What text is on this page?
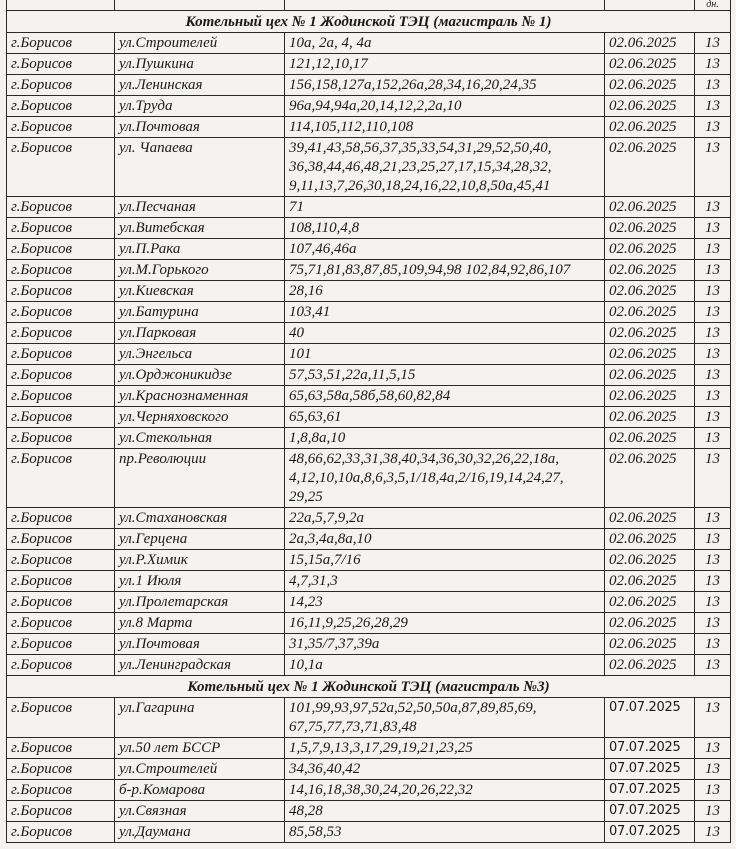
				дн.
Котельный цех № 1 Жодинской ТЭЦ (магистраль № 1)				
г.Борисов	ул.Строителей	10а, 2а, 4, 4а	02.06.2025	13
г.Борисов	ул.Пушкина	121,12,10,17	02.06.2025	13
г.Борисов	ул.Ленинская	156,158,127а,152,26а,28,34,16,20,24,35	02.06.2025	13
г.Борисов	ул.Труда	96а,94,94а,20,14,12,2,2а,10	02.06.2025	13
г.Борисов	ул.Почтовая	114,105,112,110,108	02.06.2025	13
г.Борисов	ул. Чапаева	39,41,43,58,56,37,35,33,54,31,29,52,50,40, 36,38,44,46,48,21,23,25,27,17,15,34,28,32, 9,11,13,7,26,30,18,24,16,22,10,8,50а,45,41	02.06.2025	13
г.Борисов	ул.Песчаная	71	02.06.2025	13
г.Борисов	ул.Витебская	108,110,4,8	02.06.2025	13
г.Борисов	ул.П.Рака	107,46,46а	02.06.2025	13
г.Борисов	ул.М.Горького	75,71,81,83,87,85,109,94,98 102,84,92,86,107	02.06.2025	13
г.Борисов	ул.Киевская	28,16	02.06.2025	13
г.Борисов	ул.Батурина	103,41	02.06.2025	13
г.Борисов	ул.Парковая	40	02.06.2025	13
г.Борисов	ул.Энгельса	101	02.06.2025	13
г.Борисов	ул.Орджоникидзе	57,53,51,22а,11,5,15	02.06.2025	13
г.Борисов	ул.Краснознаменная	65,63,58а,58б,58,60,82,84	02.06.2025	13
г.Борисов	ул.Черняховского	65,63,61	02.06.2025	13
г.Борисов	ул.Стекольная	1,8,8а,10	02.06.2025	13
г.Борисов	пр.Революции	48,66,62,33,31,38,40,34,36,30,32,26,22,18а, 4,12,10,10а,8,6,3,5,1/18,4а,2/16,19,14,24,27, 29,25	02.06.2025	13
г.Борисов	ул.Стахановская	22а,5,7,9,2а	02.06.2025	13
г.Борисов	ул.Герцена	2а,3,4а,8а,10	02.06.2025	13
г.Борисов	ул.Р.Химик	15,15а,7/16	02.06.2025	13
г.Борисов	ул.1 Июля	4,7,31,3	02.06.2025	13
г.Борисов	ул.Пролетарская	14,23	02.06.2025	13
г.Борисов	ул.8 Марта	16,11,9,25,26,28,29	02.06.2025	13
г.Борисов	ул.Почтовая	31,35/7,37,39а	02.06.2025	13
г.Борисов	ул.Ленинградская	10,1а	02.06.2025	13
Котельный цех № 1 Жодинской ТЭЦ (магистраль №3)				
г.Борисов	ул.Гагарина	101,99,93,97,52а,52,50,50а,87,89,85,69, 67,75,77,73,71,83,48	07.07.2025	13
г.Борисов	ул.50 лет БССР	1,5,7,9,13,3,17,29,19,21,23,25	07.07.2025	13
г.Борисов	ул.Строителей	34,36,40,42	07.07.2025	13
г.Борисов	б-р.Комарова	14,16,18,38,30,24,20,26,22,32	07.07.2025	13
г.Борисов	ул.Связная	48,28	07.07.2025	13
г.Борисов	ул.Даумана	85,58,53	07.07.2025	13
